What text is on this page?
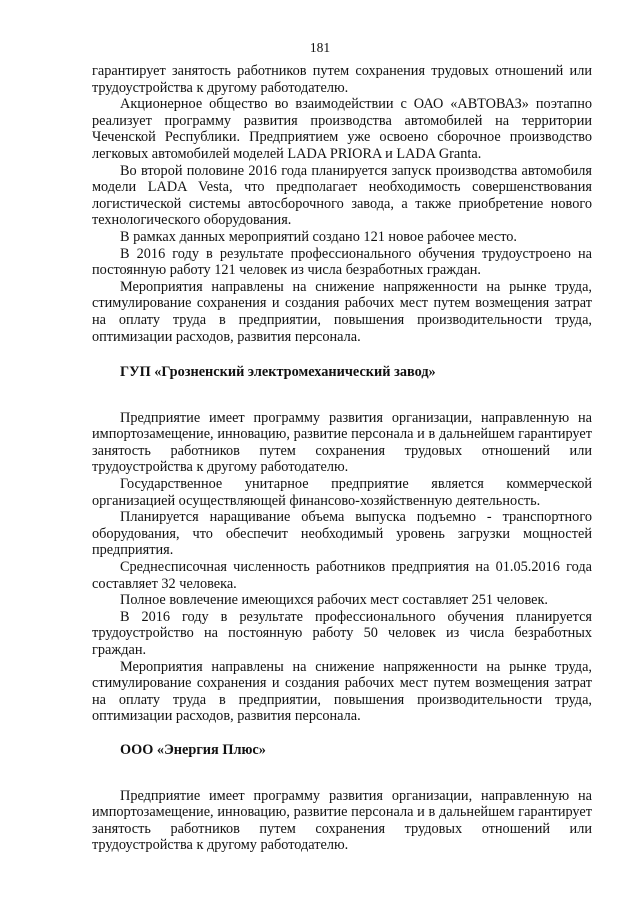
181

гарантирует занятость работников путем сохранения трудовых отношений или трудоустройства к другому работодателю.

Акционерное общество во взаимодействии с ОАО «АВТОВАЗ» поэтапно реализует программу развития производства автомобилей на территории Чеченской Республики. Предприятием уже освоено сборочное производство легковых автомобилей моделей LADA PRIORA и LADA Granta.

Во второй половине 2016 года планируется запуск производства автомобиля модели LADA Vesta, что предполагает необходимость совершенствования логистической системы автосборочного завода, а также приобретение нового технологического оборудования.

В рамках данных мероприятий создано 121 новое рабочее место.

В 2016 году в результате профессионального обучения трудоустроено на постоянную работу 121 человек из числа безработных граждан.

Мероприятия направлены на снижение напряженности на рынке труда, стимулирование сохранения и создания рабочих мест путем возмещения затрат на оплату труда в предприятии, повышения производительности труда, оптимизации расходов, развития персонала.

ГУП «Грозненский электромеханический завод»

Предприятие имеет программу развития организации, направленную на импортозамещение, инновацию, развитие персонала и в дальнейшем гарантирует занятость работников путем сохранения трудовых отношений или трудоустройства к другому работодателю.

Государственное унитарное предприятие является коммерческой организацией осуществляющей финансово-хозяйственную деятельность.

Планируется наращивание объема выпуска подъемно - транспортного оборудования, что обеспечит необходимый уровень загрузки мощностей предприятия.

Среднесписочная численность работников предприятия на 01.05.2016 года составляет 32 человека.

Полное вовлечение имеющихся рабочих мест составляет 251 человек.

В 2016 году в результате профессионального обучения планируется трудоустройство на постоянную работу 50 человек из числа безработных граждан.

Мероприятия направлены на снижение напряженности на рынке труда, стимулирование сохранения и создания рабочих мест путем возмещения затрат на оплату труда в предприятии, повышения производительности труда, оптимизации расходов, развития персонала.

ООО «Энергия Плюс»

Предприятие имеет программу развития организации, направленную на импортозамещение, инновацию, развитие персонала и в дальнейшем гарантирует занятость работников путем сохранения трудовых отношений или трудоустройства к другому работодателю.
